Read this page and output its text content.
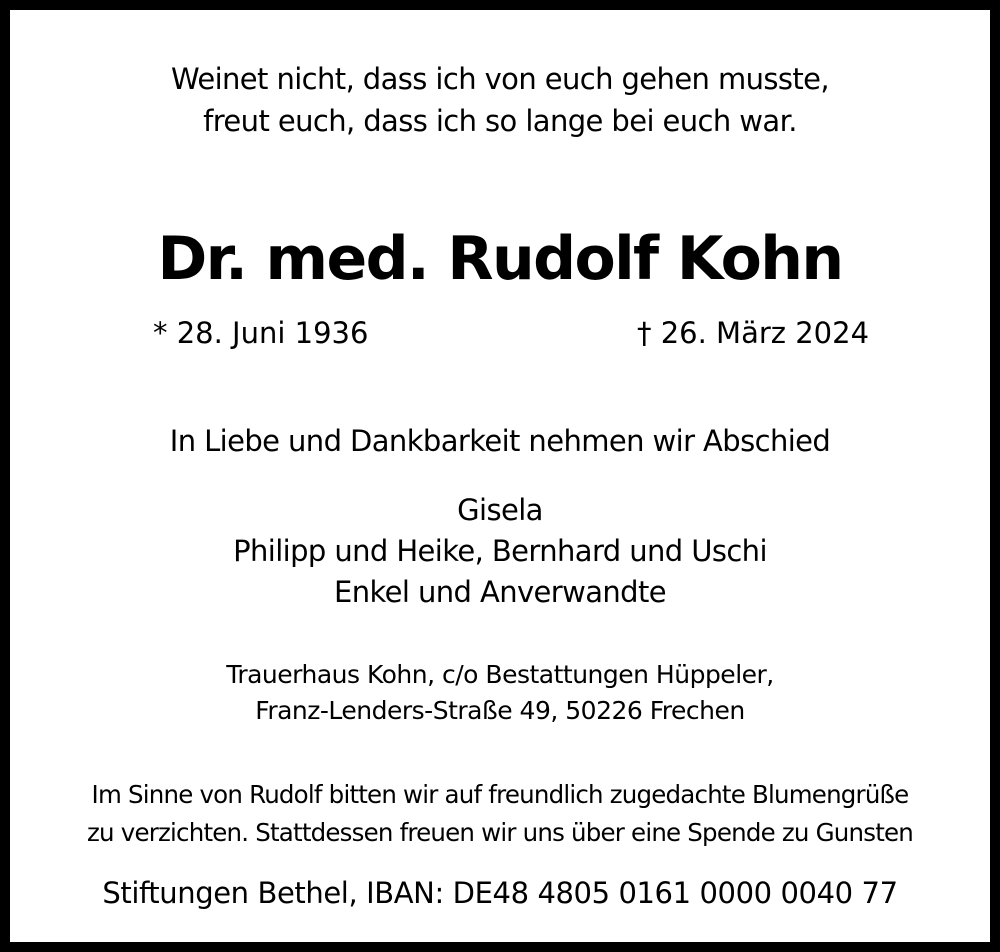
Weinet nicht, dass ich von euch gehen musste,
freut euch, dass ich so lange bei euch war.
Dr. med. Rudolf Kohn
* 28. Juni 1936	† 26. März 2024
In Liebe und Dankbarkeit nehmen wir Abschied
Gisela
Philipp und Heike, Bernhard und Uschi
Enkel und Anverwandte
Trauerhaus Kohn, c/o Bestattungen Hüppeler,
Franz-Lenders-Straße 49, 50226 Frechen
Im Sinne von Rudolf bitten wir auf freundlich zugedachte Blumengrüße
zu verzichten. Stattdessen freuen wir uns über eine Spende zu Gunsten
Stiftungen Bethel, IBAN: DE48 4805 0161 0000 0040 77
